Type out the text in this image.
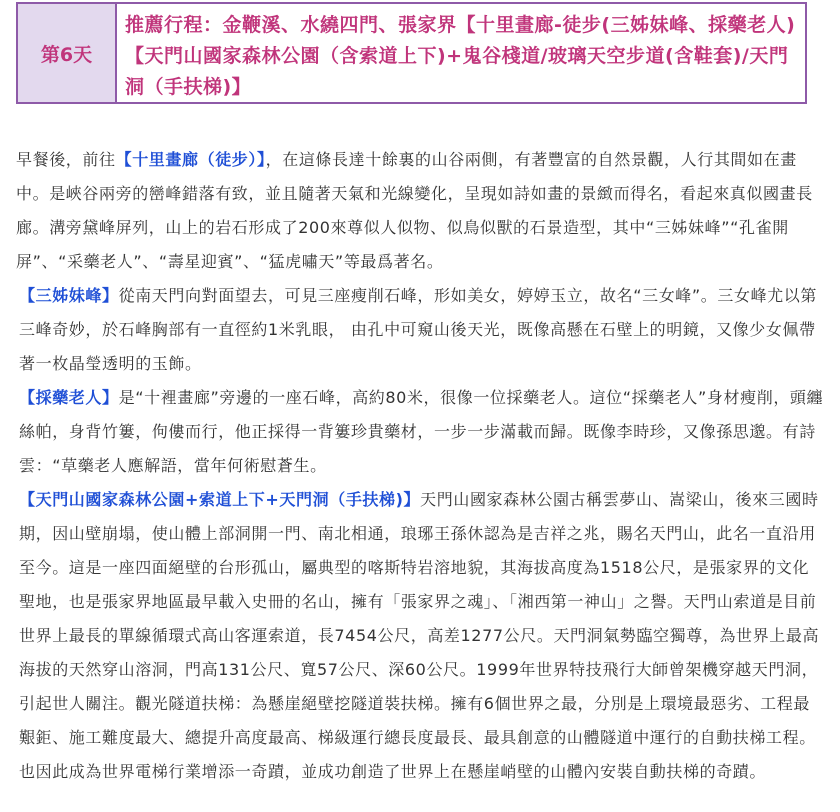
第6天
推薦行程：金鞭溪、水繞四門、張家界【十里畫廊-徒步(三姊妹峰、採藥老人)【天門山國家森林公園（含索道上下)+鬼谷棧道/玻璃天空步道(含鞋套)/天門洞（手扶梯)】

早餐後，前往【十里畫廊（徒步）】，在這條長達十餘裏的山谷兩側，有著豐富的自然景觀，人行其間如在畫中。是峽谷兩旁的巒峰錯落有致，並且隨著天氣和光線變化，呈現如詩如畫的景緻而得名，看起來真似國畫長廊。溝旁黛峰屏列，山上的岩石形成了200來尊似人似物、似鳥似獸的石景造型，其中“三姊妹峰”“孔雀開屏”、“采藥老人”、“壽星迎賓”、“猛虎嘯天”等最爲著名。

【三姊妹峰】從南天門向對面望去，可見三座瘦削石峰，形如美女，婷婷玉立，故名“三女峰”。三女峰尤以第三峰奇妙，於石峰胸部有一直徑約1米乳眼， 由孔中可窺山後天光，既像高懸在石壁上的明鏡，又像少女佩帶著一枚晶瑩透明的玉飾。

【採藥老人】是“十裡畫廊”旁邊的一座石峰，高約80米，很像一位採藥老人。這位“採藥老人”身材瘦削，頭纏絲帕，身背竹簍，佝僂而行，他正採得一背簍珍貴藥材，一步一步滿載而歸。既像李時珍，又像孫思邈。有詩雲：“草藥老人應解語，當年何術慰蒼生。

【天門山國家森林公園+索道上下+天門洞（手扶梯)】天門山國家森林公園古稱雲夢山、嵩梁山，後來三國時期，因山壁崩塌，使山體上部洞開一門、南北相通，琅琊王孫休認為是吉祥之兆，賜名天門山，此名一直沿用至今。這是一座四面絕壁的台形孤山，屬典型的喀斯特岩溶地貌，其海拔高度為1518公尺，是張家界的文化聖地，也是張家界地區最早載入史冊的名山，擁有「張家界之魂」、「湘西第一神山」之譽。天門山索道是目前世界上最長的單線循環式高山客運索道，長7454公尺，高差1277公尺。天門洞氣勢臨空獨尊，為世界上最高海拔的天然穿山溶洞，門高131公尺、寬57公尺、深60公尺。1999年世界特技飛行大師曾架機穿越天門洞，引起世人關注。觀光隧道扶梯：為懸崖絕壁挖隧道裝扶梯。擁有6個世界之最，分別是上環境最惡劣、工程最艱鉅、施工難度最大、總提升高度最高、梯級運行總長度最長、最具創意的山體隧道中運行的自動扶梯工程。也因此成為世界電梯行業增添一奇蹟，並成功創造了世界上在懸崖峭壁的山體內安裝自動扶梯的奇蹟。
